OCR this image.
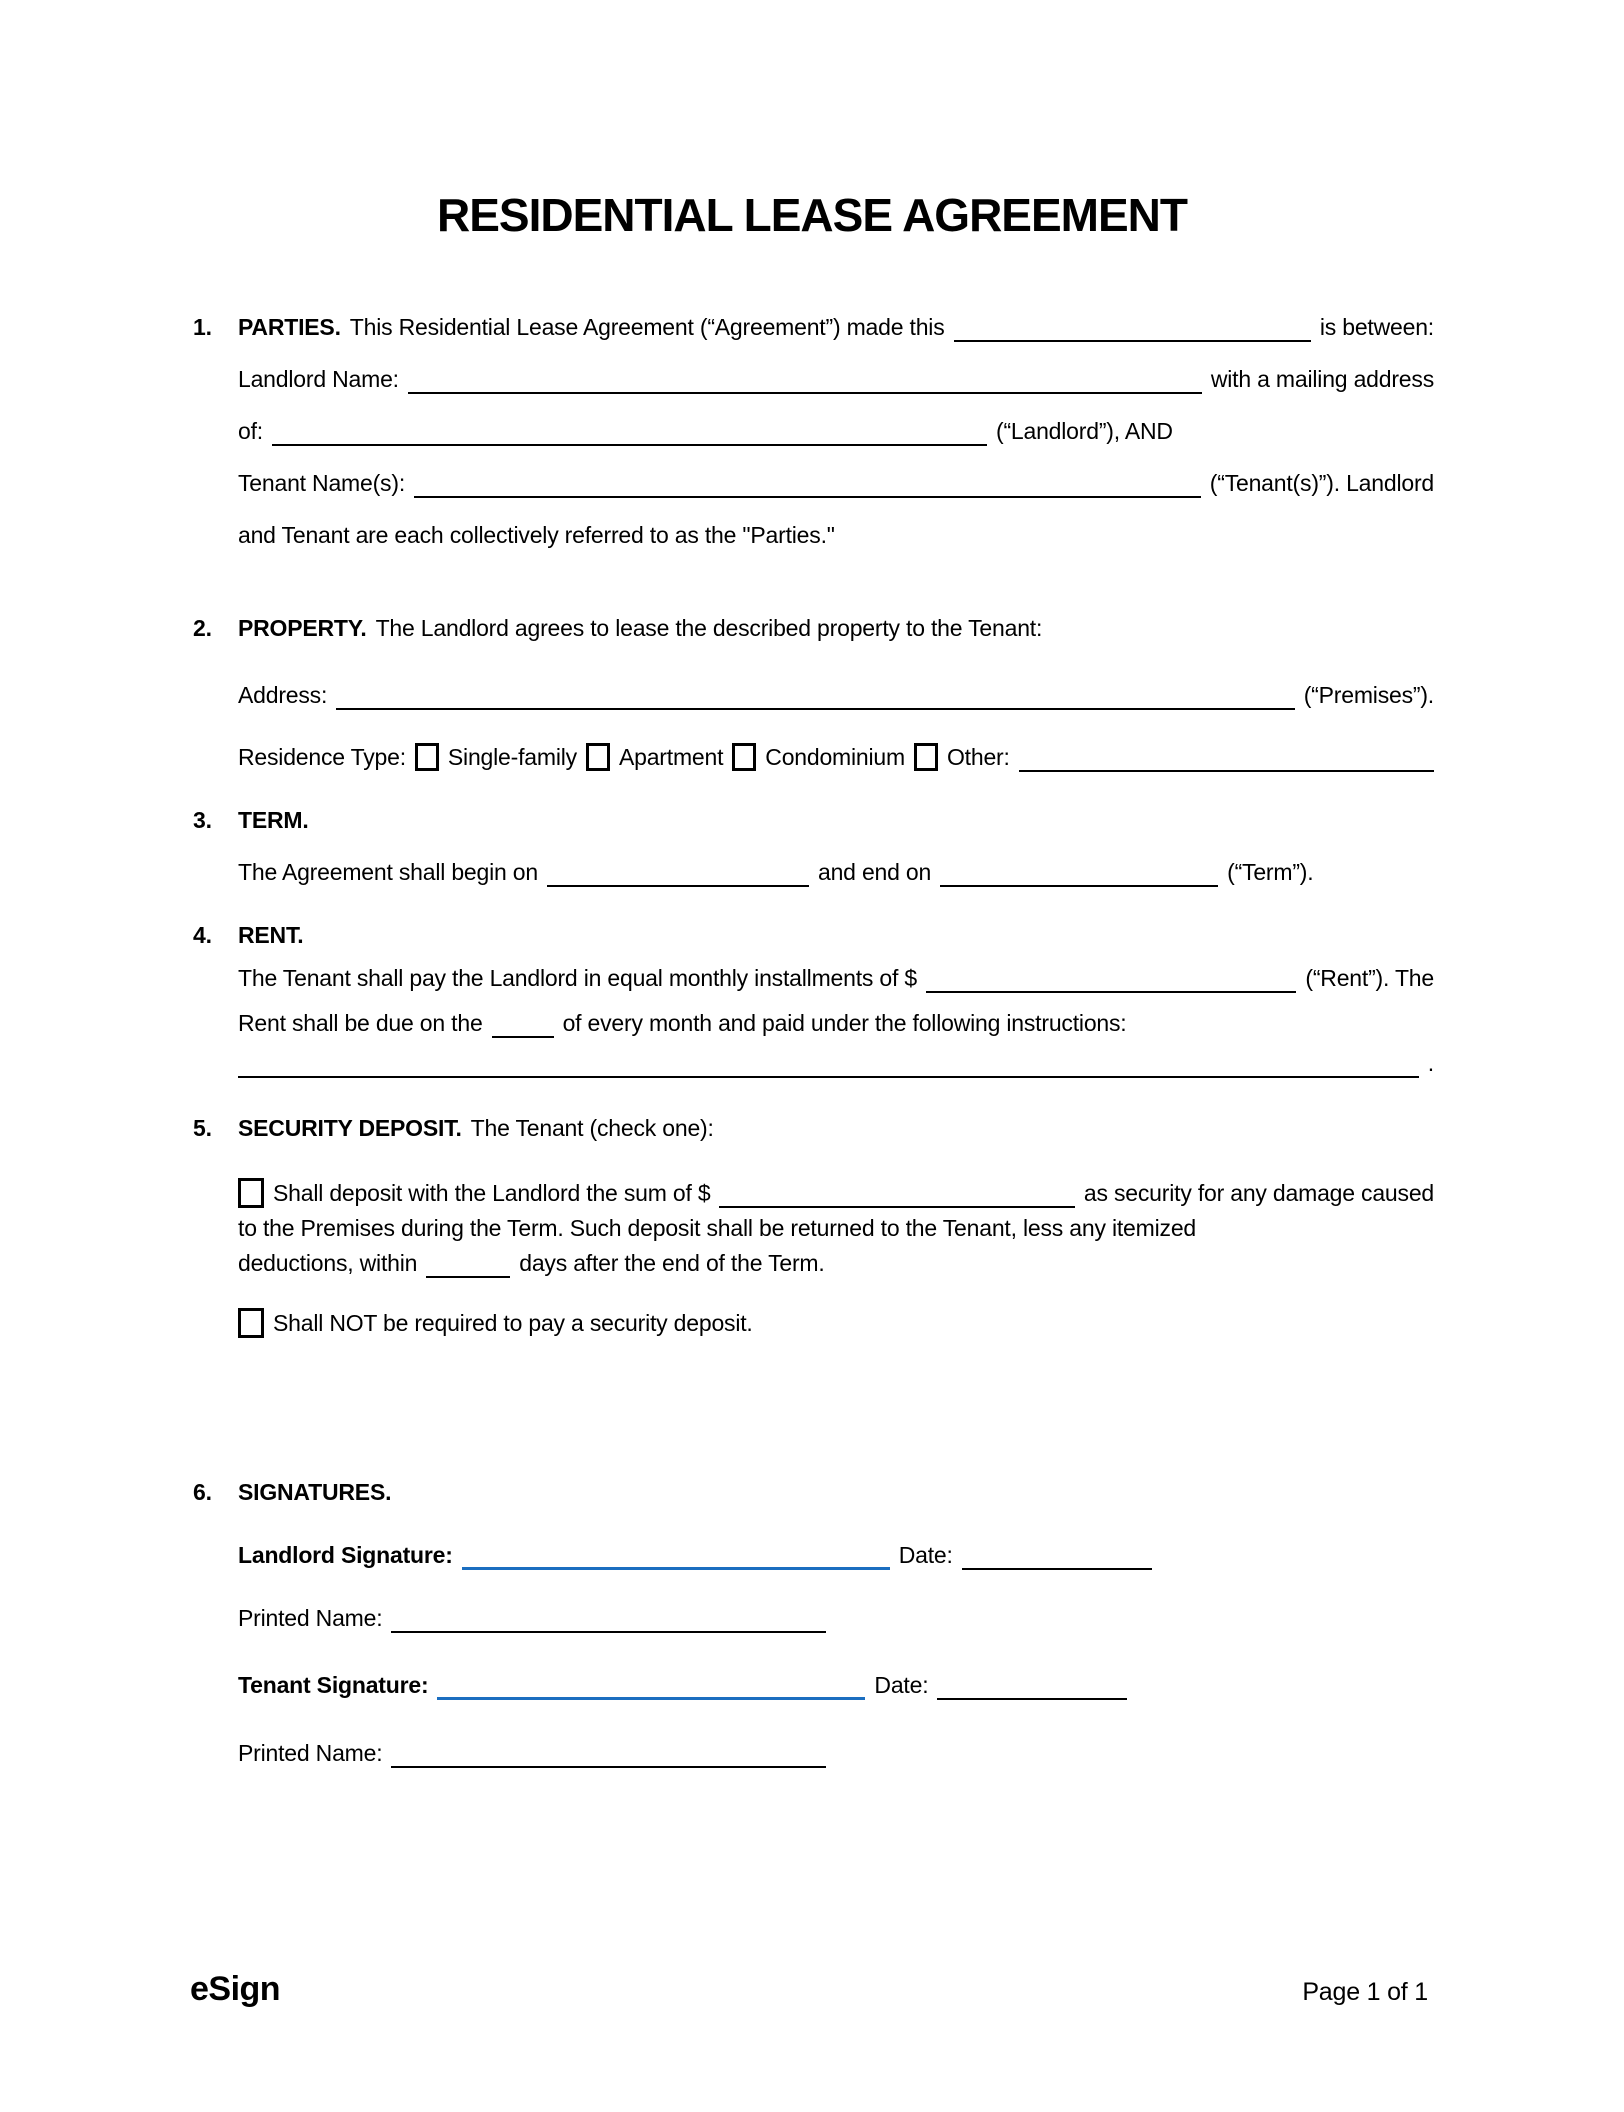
RESIDENTIAL LEASE AGREEMENT
1.	PARTIES. This Residential Lease Agreement (“Agreement”) made this	is between:
Landlord Name:	with a mailing address
of:	(“Landlord”), AND
Tenant Name(s):	(“Tenant(s)”). Landlord
and Tenant are each collectively referred to as the "Parties."
2.	PROPERTY. The Landlord agrees to lease the described property to the Tenant:
Address:	(“Premises”).
Residence Type: Single-family Apartment Condominium Other:
3.	TERM.
The Agreement shall begin on	and end on	(“Term”).
4.	RENT.
The Tenant shall pay the Landlord in equal monthly installments of $	(“Rent”). The
Rent shall be due on the	of every month and paid under the following instructions:
.
5.	SECURITY DEPOSIT. The Tenant (check one):
Shall deposit with the Landlord the sum of $	as security for any damage caused
to the Premises during the Term. Such deposit shall be returned to the Tenant, less any itemized
deductions, within	days after the end of the Term.
Shall NOT be required to pay a security deposit.
6.	SIGNATURES.
Landlord Signature:	Date:
Printed Name:
Tenant Signature:	Date:
Printed Name:
eSign	Page 1 of 1
